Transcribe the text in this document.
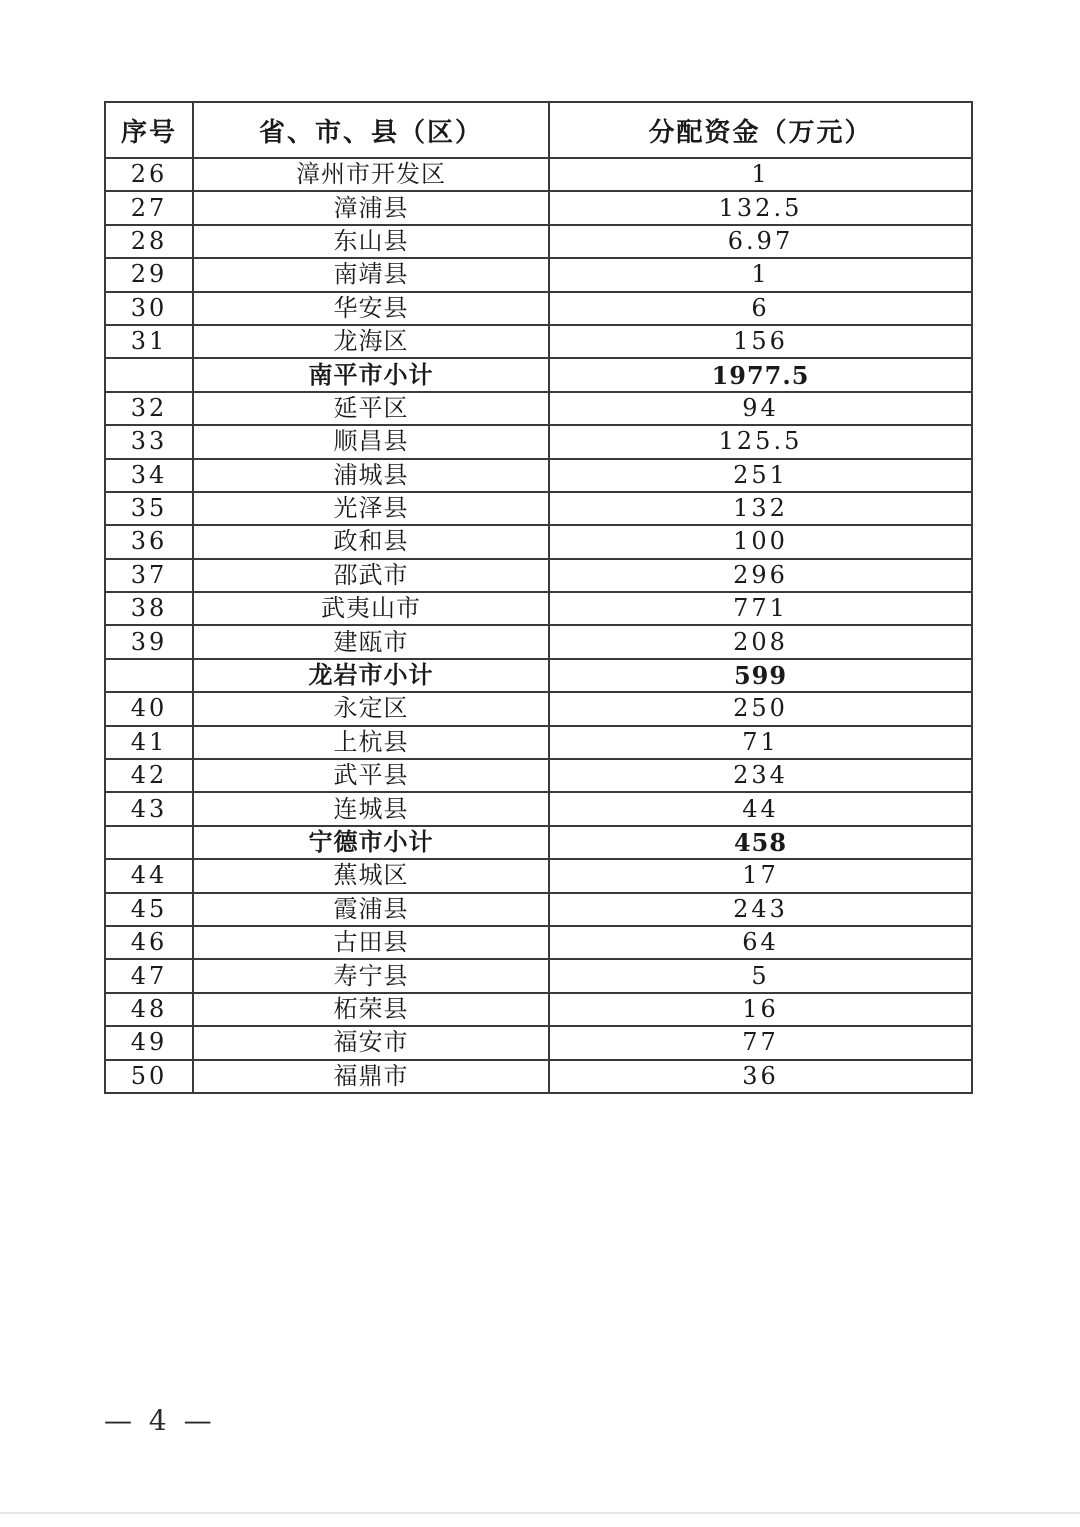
序号	省、市、县（区）	分配资金（万元）
26	漳州市开发区	1
27	漳浦县	132.5
28	东山县	6.97
29	南靖县	1
30	华安县	6
31	龙海区	156
	南平市小计	1977.5
32	延平区	94
33	顺昌县	125.5
34	浦城县	251
35	光泽县	132
36	政和县	100
37	邵武市	296
38	武夷山市	771
39	建瓯市	208
	龙岩市小计	599
40	永定区	250
41	上杭县	71
42	武平县	234
43	连城县	44
	宁德市小计	458
44	蕉城区	17
45	霞浦县	243
46	古田县	64
47	寿宁县	5
48	柘荣县	16
49	福安市	77
50	福鼎市	36
— 4 —
